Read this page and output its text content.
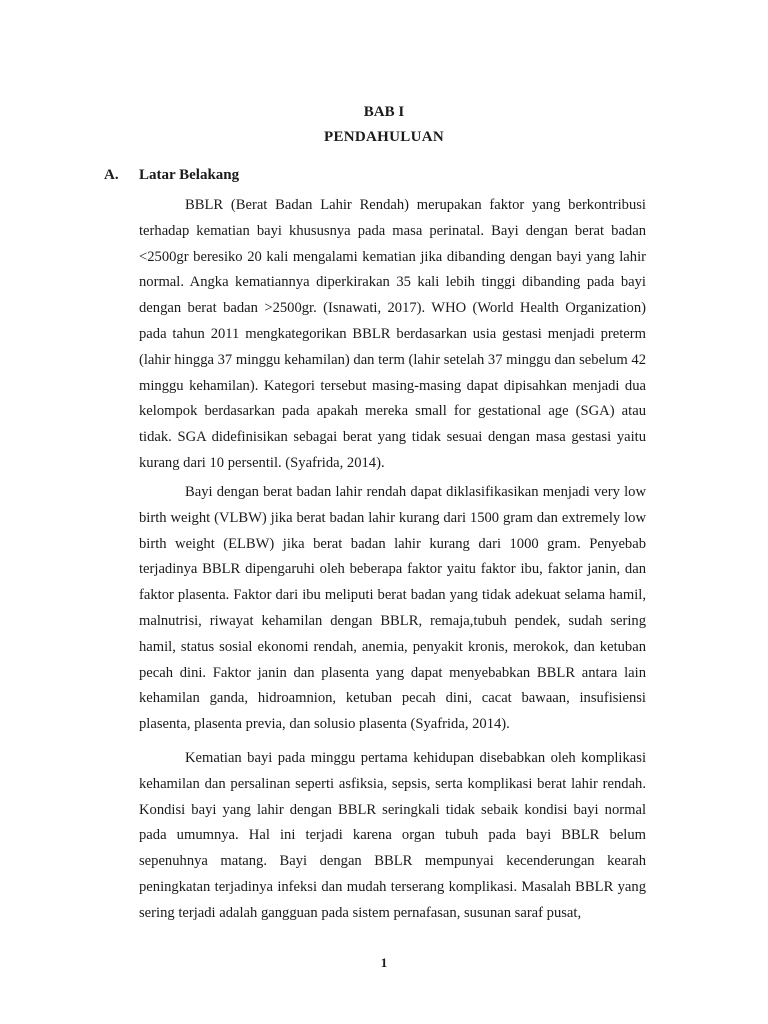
BAB I
PENDAHULUAN
A. Latar Belakang

BBLR (Berat Badan Lahir Rendah) merupakan faktor yang berkontribusi terhadap kematian bayi khususnya pada masa perinatal. Bayi dengan berat badan <2500gr beresiko 20 kali mengalami kematian jika dibanding dengan bayi yang lahir normal. Angka kematiannya diperkirakan 35 kali lebih tinggi dibanding pada bayi dengan berat badan >2500gr. (Isnawati, 2017). WHO (World Health Organization) pada tahun 2011 mengkategorikan BBLR berdasarkan usia gestasi menjadi preterm (lahir hingga 37 minggu kehamilan) dan term (lahir setelah 37 minggu dan sebelum 42 minggu kehamilan). Kategori tersebut masing-masing dapat dipisahkan menjadi dua kelompok berdasarkan pada apakah mereka small for gestational age (SGA) atau tidak. SGA didefinisikan sebagai berat yang tidak sesuai dengan masa gestasi yaitu kurang dari 10 persentil. (Syafrida, 2014).

Bayi dengan berat badan lahir rendah dapat diklasifikasikan menjadi very low birth weight (VLBW) jika berat badan lahir kurang dari 1500 gram dan extremely low birth weight (ELBW) jika berat badan lahir kurang dari 1000 gram. Penyebab terjadinya BBLR dipengaruhi oleh beberapa faktor yaitu faktor ibu, faktor janin, dan faktor plasenta. Faktor dari ibu meliputi berat badan yang tidak adekuat selama hamil, malnutrisi, riwayat kehamilan dengan BBLR, remaja,tubuh pendek, sudah sering hamil, status sosial ekonomi rendah, anemia, penyakit kronis, merokok, dan ketuban pecah dini. Faktor janin dan plasenta yang dapat menyebabkan BBLR antara lain kehamilan ganda, hidroamnion, ketuban pecah dini, cacat bawaan, insufisiensi plasenta, plasenta previa, dan solusio plasenta (Syafrida, 2014).

Kematian bayi pada minggu pertama kehidupan disebabkan oleh komplikasi kehamilan dan persalinan seperti asfiksia, sepsis, serta komplikasi berat lahir rendah. Kondisi bayi yang lahir dengan BBLR seringkali tidak sebaik kondisi bayi normal pada umumnya. Hal ini terjadi karena organ tubuh pada bayi BBLR belum sepenuhnya matang. Bayi dengan BBLR mempunyai kecenderungan kearah peningkatan terjadinya infeksi dan mudah terserang komplikasi. Masalah BBLR yang sering terjadi adalah gangguan pada sistem pernafasan, susunan saraf pusat,

1
